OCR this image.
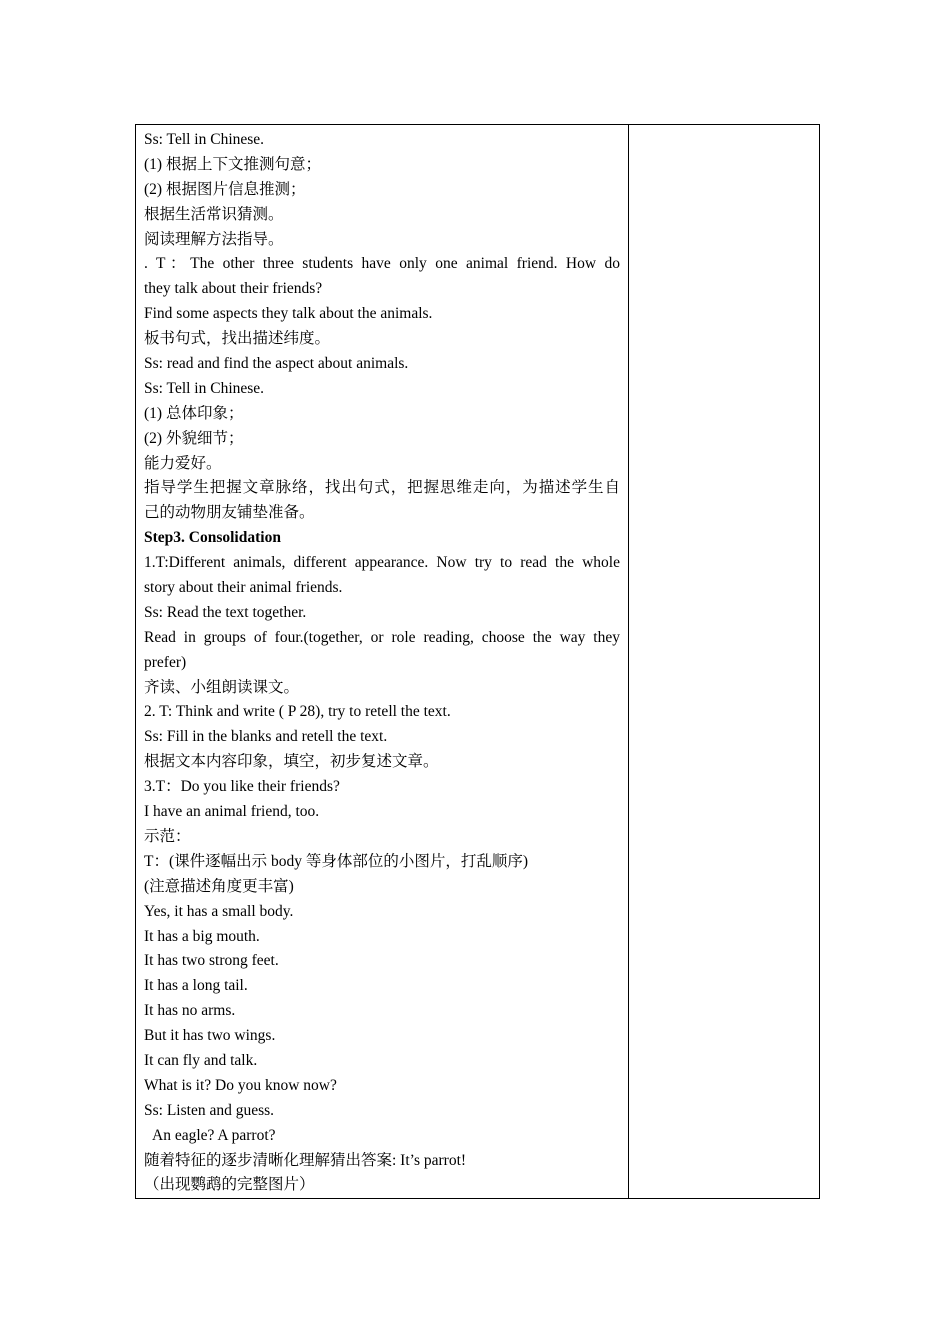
Ss: Tell in Chinese.
(1) 根据上下文推测句意；
(2) 根据图片信息推测；
根据生活常识猜测。
阅读理解方法指导。
. T：The other three students have only one animal friend. How do
they talk about their friends?
Find some aspects they talk about the animals.
板书句式，找出描述纬度。
Ss: read and find the aspect about animals.
Ss: Tell in Chinese.
(1) 总体印象；
(2) 外貌细节；
能力爱好。
指导学生把握文章脉络，找出句式，把握思维走向，为描述学生自
己的动物朋友铺垫准备。
Step3. Consolidation
1.T:Different animals, different appearance. Now try to read the whole
story about their animal friends.
Ss: Read the text together.
Read in groups of four.(together, or role reading, choose the way they
prefer)
齐读、小组朗读课文。
2. T: Think and write ( P 28), try to retell the text.
Ss: Fill in the blanks and retell the text.
根据文本内容印象，填空，初步复述文章。
3.T：Do you like their friends?
I have an animal friend, too.
示范：
T：(课件逐幅出示 body 等身体部位的小图片，打乱顺序)
(注意描述角度更丰富)
Yes, it has a small body.
It has a big mouth.
It has two strong feet.
It has a long tail.
It has no arms.
But it has two wings.
It can fly and talk.
What is it? Do you know now?
Ss: Listen and guess.
An eagle? A parrot?
随着特征的逐步清晰化理解猜出答案: It’s parrot!
（出现鹦鹉的完整图片）
